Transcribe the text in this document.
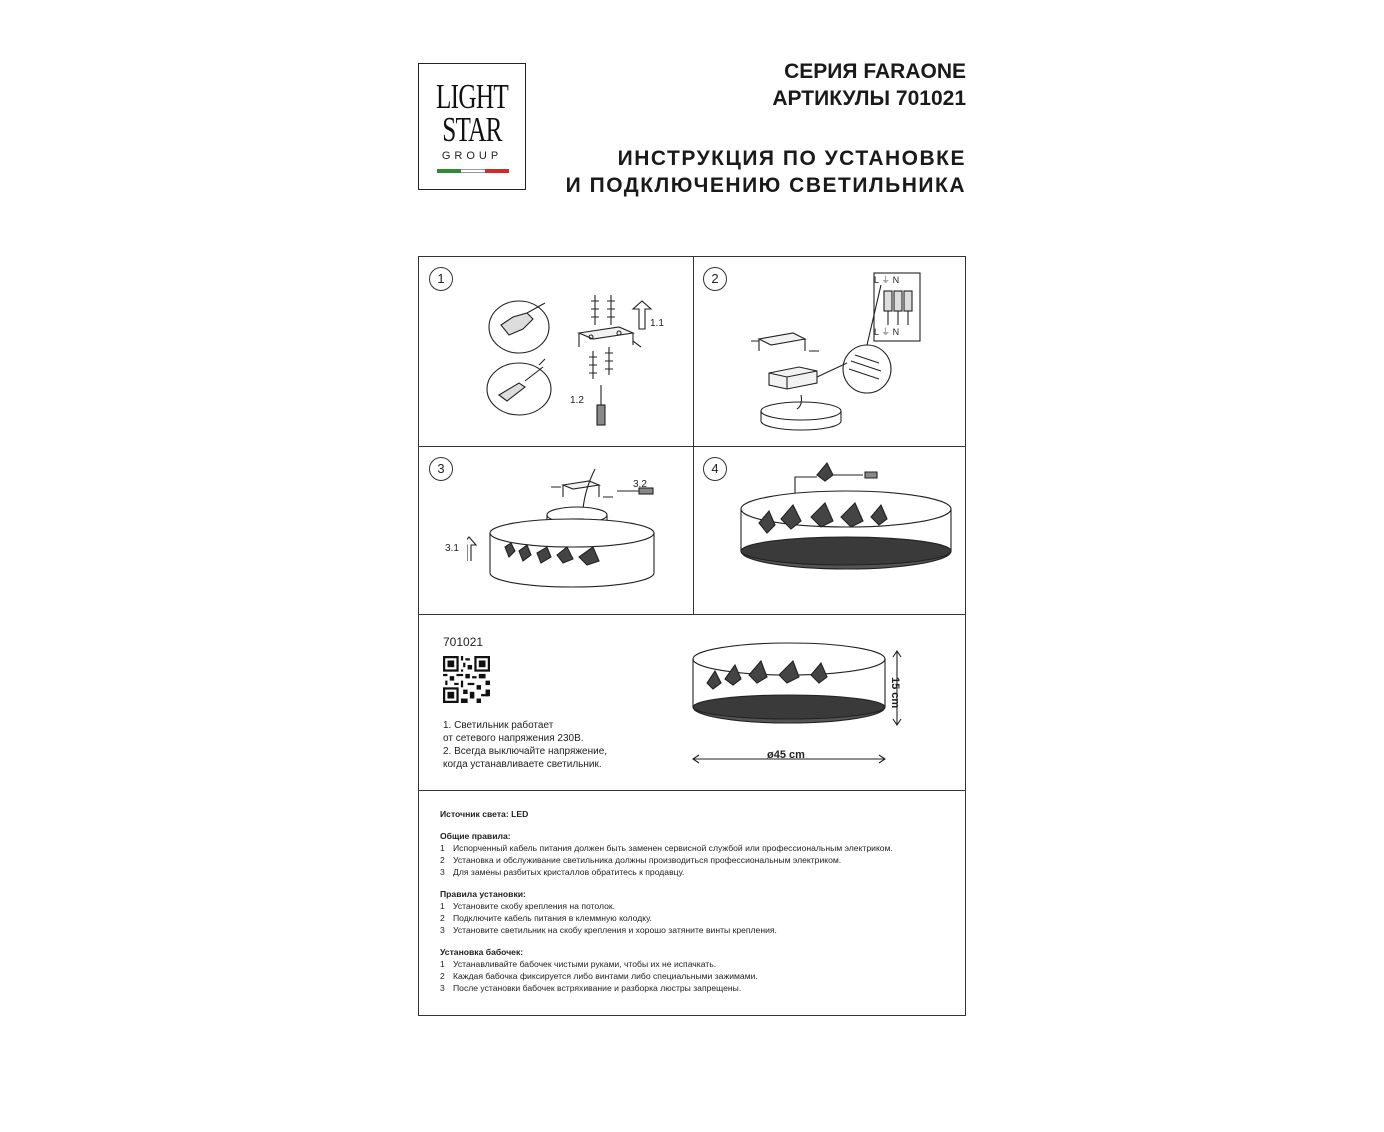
LIGHT
STAR
GROUP
СЕРИЯ FARAONE
АРТИКУЛЫ 701021
ИНСТРУКЦИЯ ПО УСТАНОВКЕ
И ПОДКЛЮЧЕНИЮ СВЕТИЛЬНИКА
1
1.1
1.2
2	L ⏚ N
L ⏚ N
3
3.2
3.1
4
701021
1. Светильник работает
от сетевого напряжения 230В.
2. Всегда выключайте напряжение,
когда устанавливаете светильник.
15 cm
ø45 cm
Источник света: LED
Общие правила:
1 Испорченный кабель питания должен быть заменен сервисной службой или профессиональным электриком.
2 Установка и обслуживание светильника должны производиться профессиональным электриком.
3 Для замены разбитых кристаллов обратитесь к продавцу.
Правила установки:
1 Установите скобу крепления на потолок.
2 Подключите кабель питания в клеммную колодку.
3 Установите светильник на скобу крепления и хорошо затяните винты крепления.
Установка бабочек:
1 Устанавливайте бабочек чистыми руками, чтобы их не испачкать.
2 Каждая бабочка фиксируется либо винтами либо специальными зажимами.
3 После установки бабочек встряхивание и разборка люстры запрещены.
